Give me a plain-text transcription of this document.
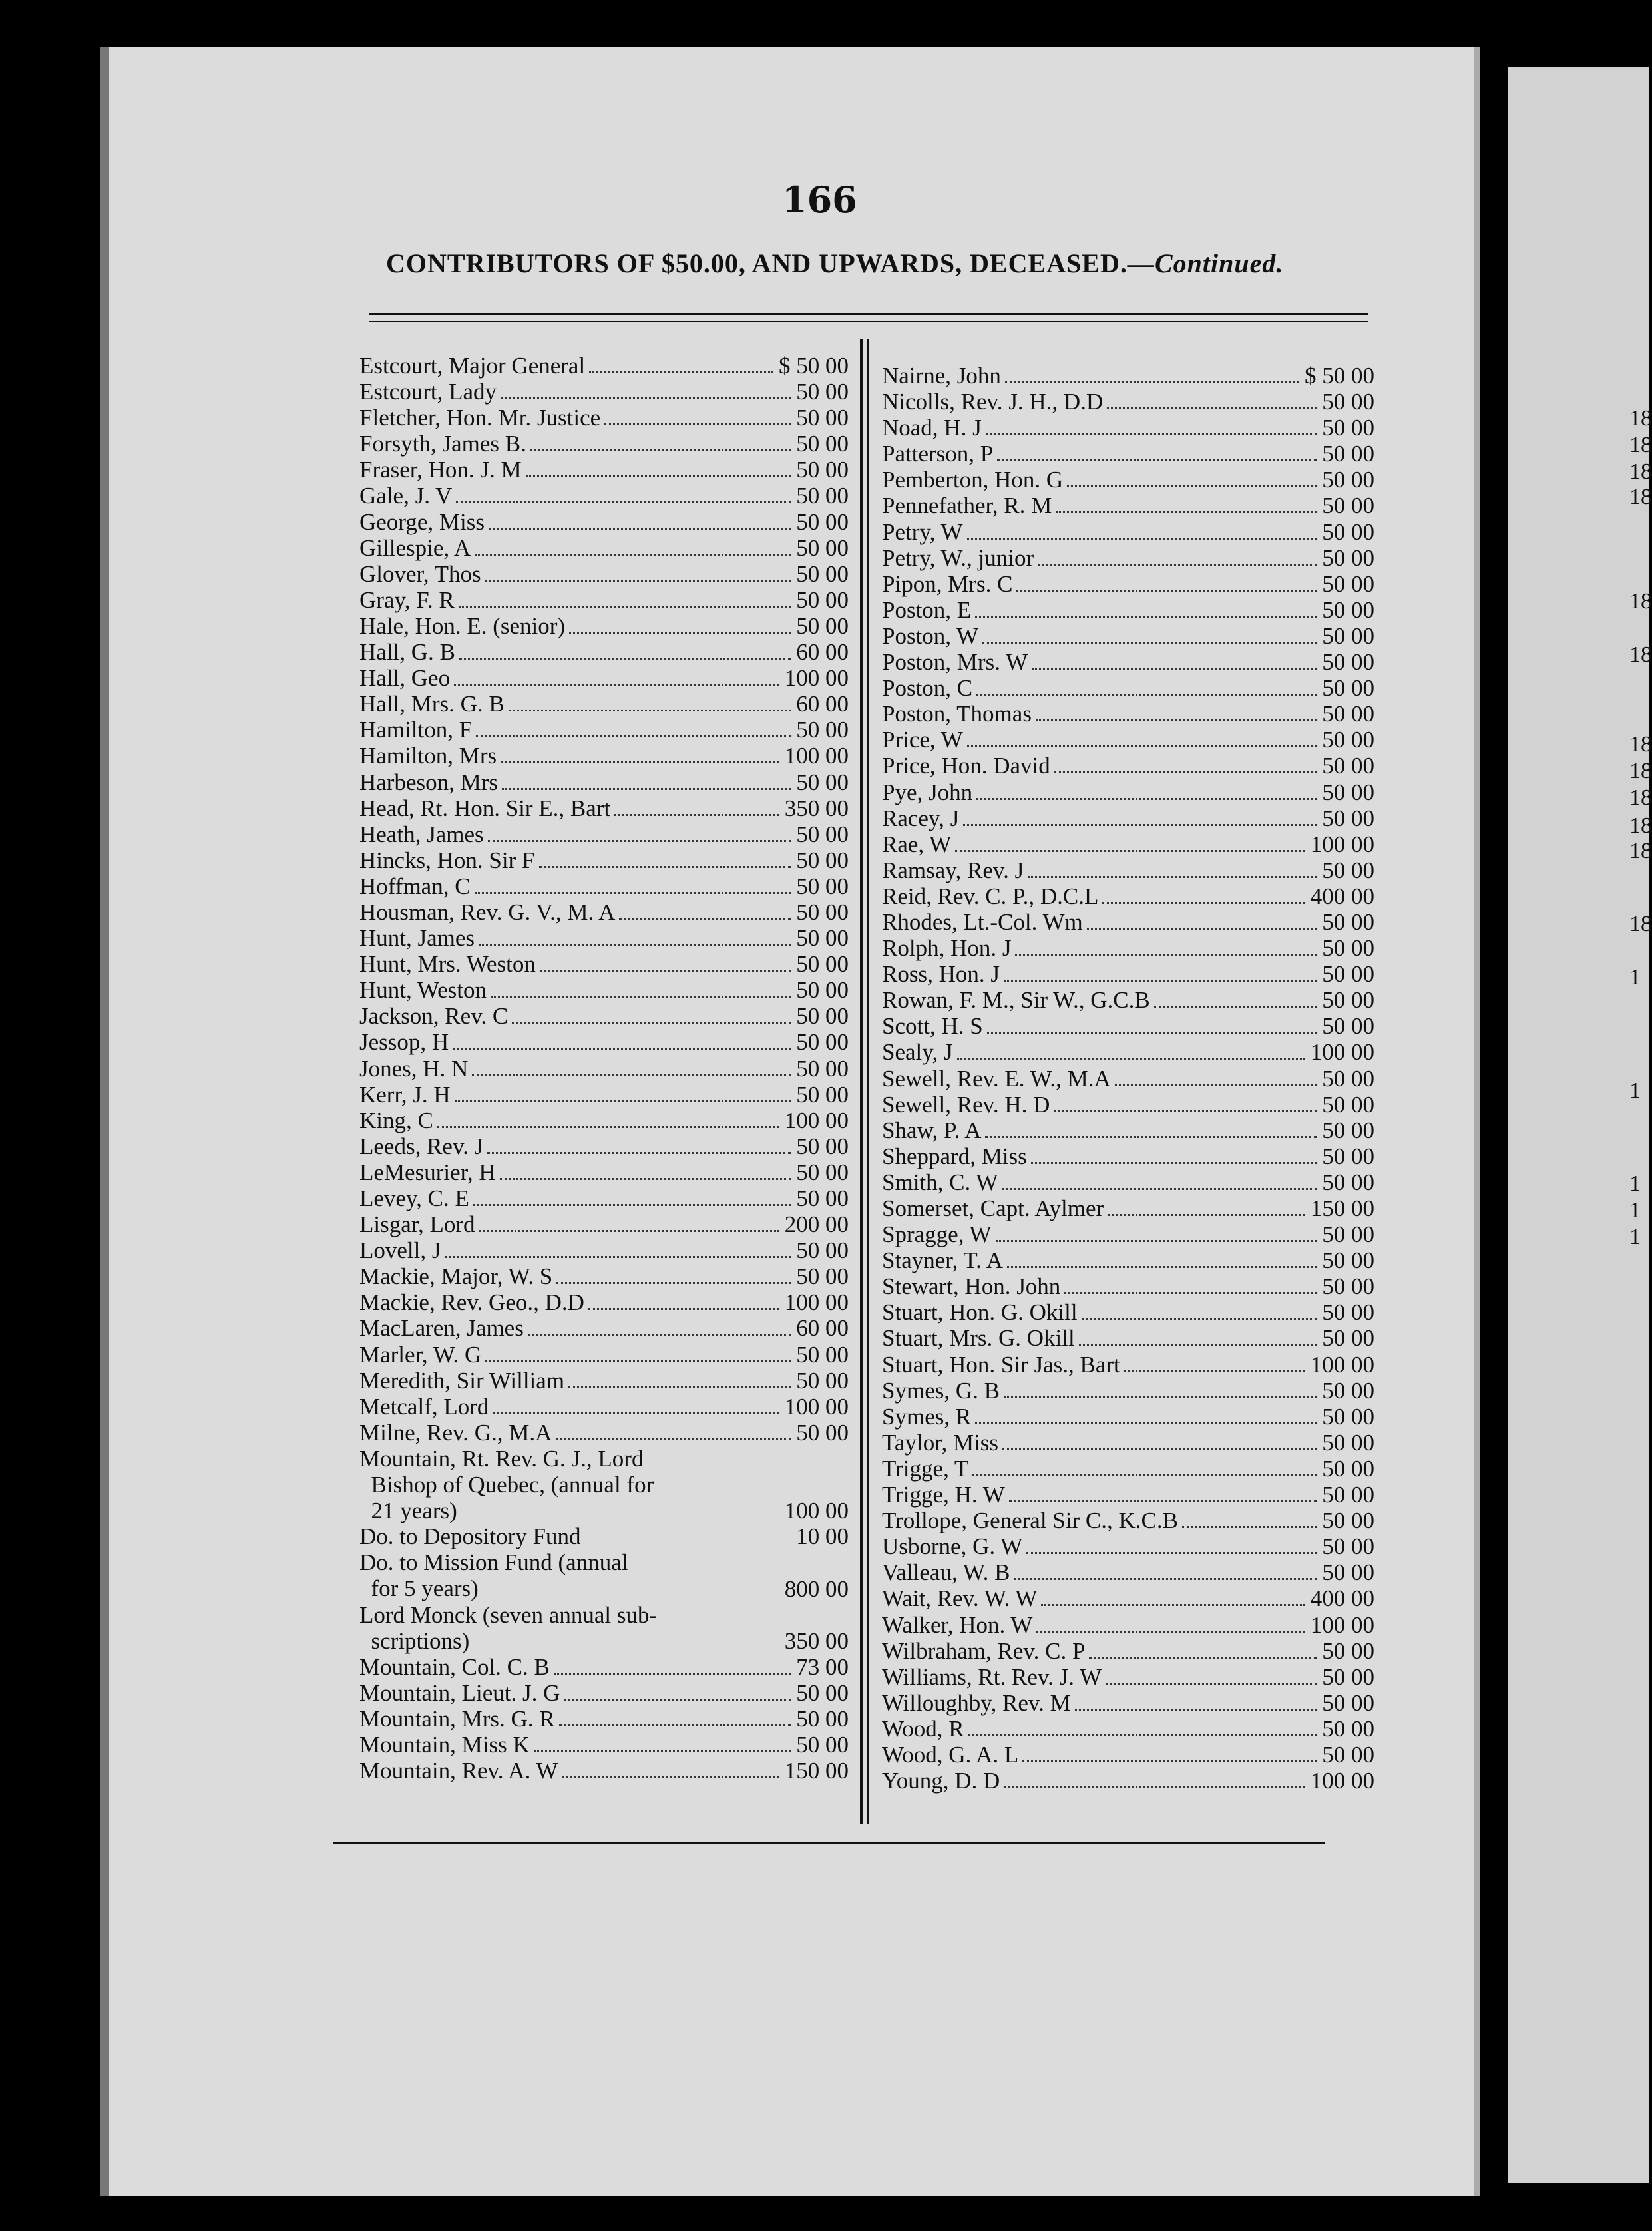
166
CONTRIBUTORS OF $50.00, AND UPWARDS, DECEASED.—Continued.
Estcourt, Major General	$ 50 00
Estcourt, Lady	50 00
Fletcher, Hon. Mr. Justice	50 00
Forsyth, James B.	50 00
Fraser, Hon. J. M	50 00
Gale, J. V	50 00
George, Miss	50 00
Gillespie, A	50 00
Glover, Thos	50 00
Gray, F. R	50 00
Hale, Hon. E. (senior)	50 00
Hall, G. B	60 00
Hall, Geo	100 00
Hall, Mrs. G. B	60 00
Hamilton, F	50 00
Hamilton, Mrs	100 00
Harbeson, Mrs	50 00
Head, Rt. Hon. Sir E., Bart	350 00
Heath, James	50 00
Hincks, Hon. Sir F	50 00
Hoffman, C	50 00
Housman, Rev. G. V., M. A	50 00
Hunt, James	50 00
Hunt, Mrs. Weston	50 00
Hunt, Weston	50 00
Jackson, Rev. C	50 00
Jessop, H	50 00
Jones, H. N	50 00
Kerr, J. H	50 00
King, C	100 00
Leeds, Rev. J	50 00
LeMesurier, H	50 00
Levey, C. E	50 00
Lisgar, Lord	200 00
Lovell, J	50 00
Mackie, Major, W. S	50 00
Mackie, Rev. Geo., D.D	100 00
MacLaren, James	60 00
Marler, W. G	50 00
Meredith, Sir William	50 00
Metcalf, Lord	100 00
Milne, Rev. G., M.A	50 00
Mountain, Rt. Rev. G. J., Lord
Bishop of Quebec, (annual for
21 years)	100 00
Do. to Depository Fund	10 00
Do. to Mission Fund (annual
for 5 years)	800 00
Lord Monck (seven annual sub-
scriptions)	350 00
Mountain, Col. C. B	73 00
Mountain, Lieut. J. G	50 00
Mountain, Mrs. G. R	50 00
Mountain, Miss K	50 00
Mountain, Rev. A. W	150 00
Nairne, John	$ 50 00
Nicolls, Rev. J. H., D.D	50 00
Noad, H. J	50 00
Patterson, P	50 00
Pemberton, Hon. G	50 00
Pennefather, R. M	50 00
Petry, W	50 00
Petry, W., junior	50 00
Pipon, Mrs. C	50 00
Poston, E	50 00
Poston, W	50 00
Poston, Mrs. W	50 00
Poston, C	50 00
Poston, Thomas	50 00
Price, W	50 00
Price, Hon. David	50 00
Pye, John	50 00
Racey, J	50 00
Rae, W	100 00
Ramsay, Rev. J	50 00
Reid, Rev. C. P., D.C.L	400 00
Rhodes, Lt.-Col. Wm	50 00
Rolph, Hon. J	50 00
Ross, Hon. J	50 00
Rowan, F. M., Sir W., G.C.B	50 00
Scott, H. S	50 00
Sealy, J	100 00
Sewell, Rev. E. W., M.A	50 00
Sewell, Rev. H. D	50 00
Shaw, P. A	50 00
Sheppard, Miss	50 00
Smith, C. W	50 00
Somerset, Capt. Aylmer	150 00
Spragge, W	50 00
Stayner, T. A	50 00
Stewart, Hon. John	50 00
Stuart, Hon. G. Okill	50 00
Stuart, Mrs. G. Okill	50 00
Stuart, Hon. Sir Jas., Bart	100 00
Symes, G. B	50 00
Symes, R	50 00
Taylor, Miss	50 00
Trigge, T	50 00
Trigge, H. W	50 00
Trollope, General Sir C., K.C.B	50 00
Usborne, G. W	50 00
Valleau, W. B	50 00
Wait, Rev. W. W	400 00
Walker, Hon. W	100 00
Wilbraham, Rev. C. P	50 00
Williams, Rt. Rev. J. W	50 00
Willoughby, Rev. M	50 00
Wood, R	50 00
Wood, G. A. L	50 00
Young, D. D	100 00
18
18
18
18
18
18
18
18
18
18
18
18
1
1
1
1
1
